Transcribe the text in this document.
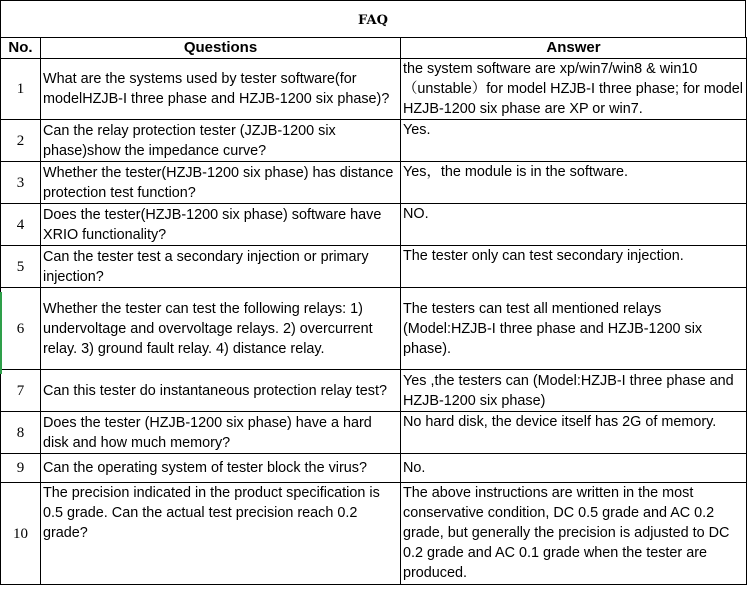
FAQ
No.	Questions	Answer
1	What are the systems used by tester software(for modelHZJB-I three phase and HZJB-1200 six phase)?	the system software are xp/win7/win8 & win10 （unstable）for model HZJB-I three phase; for model HZJB-1200 six phase are XP or win7.
2	Can the relay protection tester (JZJB-1200 six phase)show the impedance curve?	Yes.
3	Whether the tester(HZJB-1200 six phase) has distance protection test function?	Yes，the module is in the software.
4	Does the tester(HZJB-1200 six phase) software have XRIO functionality?	NO.
5	Can the tester test a secondary injection or primary injection?	The tester only can test secondary injection.
6	Whether the tester can test the following relays: 1) undervoltage and overvoltage relays. 2) overcurrent relay. 3) ground fault relay. 4) distance relay.	The testers can test all mentioned relays (Model:HZJB-I three phase and HZJB-1200 six phase).
7	Can this tester do instantaneous protection relay test?	Yes ,the testers can (Model:HZJB-I three phase and HZJB-1200 six phase)
8	Does the tester (HZJB-1200 six phase) have a hard disk and how much memory?	No hard disk, the device itself has 2G of memory.
9	Can the operating system of tester block the virus?	No.
10	The precision indicated in the product specification is 0.5 grade. Can the actual test precision reach 0.2 grade?	The above instructions are written in the most conservative condition, DC 0.5 grade and AC 0.2 grade, but generally the precision is adjusted to DC 0.2 grade and AC 0.1 grade when the tester are produced.
